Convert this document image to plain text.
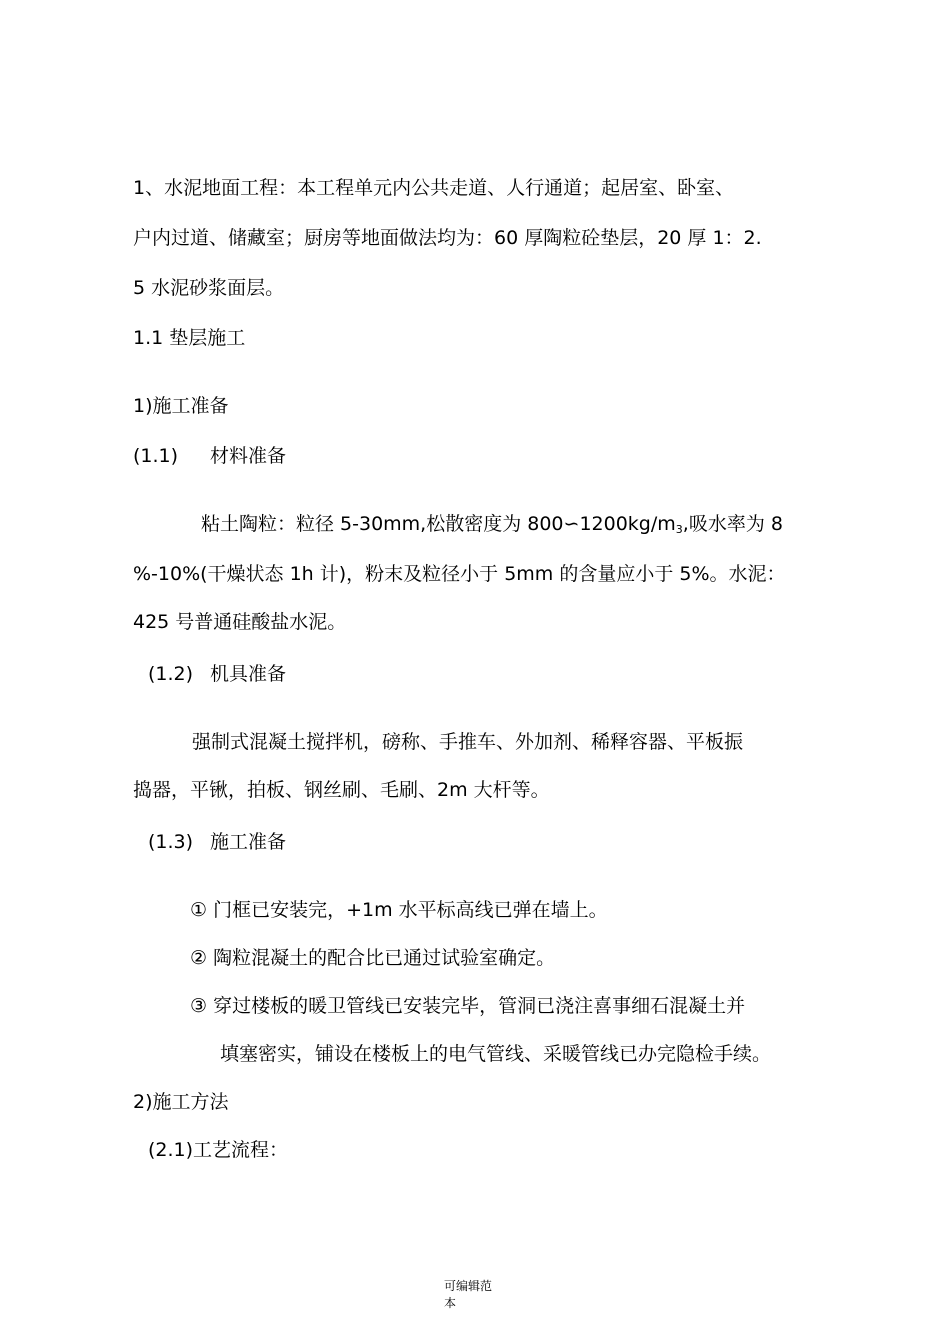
1、水泥地面工程：本工程单元内公共走道、人行通道；起居室、卧室、
户内过道、储藏室；厨房等地面做法均为：60 厚陶粒砼垫层，20 厚 1：2.
5 水泥砂浆面层。
1.1 垫层施工
1)施工准备
(1.1) 材料准备
粘土陶粒：粒径 5-30mm,松散密度为 $800∽1200kg/m_3$,吸水率为 8
%-10%(干燥状态 1h 计)，粉末及粒径小于 5mm 的含量应小于 5%。水泥：
425 号普通硅酸盐水泥。
(1.2) 机具准备
强制式混凝土搅拌机，磅称、手推车、外加剂、稀释容器、平板振
捣器，平锹，拍板、钢丝刷、毛刷、2m 大杆等。
(1.3) 施工准备
① 门框已安装完，+1m 水平标高线已弹在墙上。
② 陶粒混凝土的配合比已通过试验室确定。
③ 穿过楼板的暖卫管线已安装完毕，管洞已浇注喜事细石混凝土并
填塞密实，铺设在楼板上的电气管线、采暖管线已办完隐检手续。
2)施工方法
(2.1)工艺流程：
可编辑范
本
